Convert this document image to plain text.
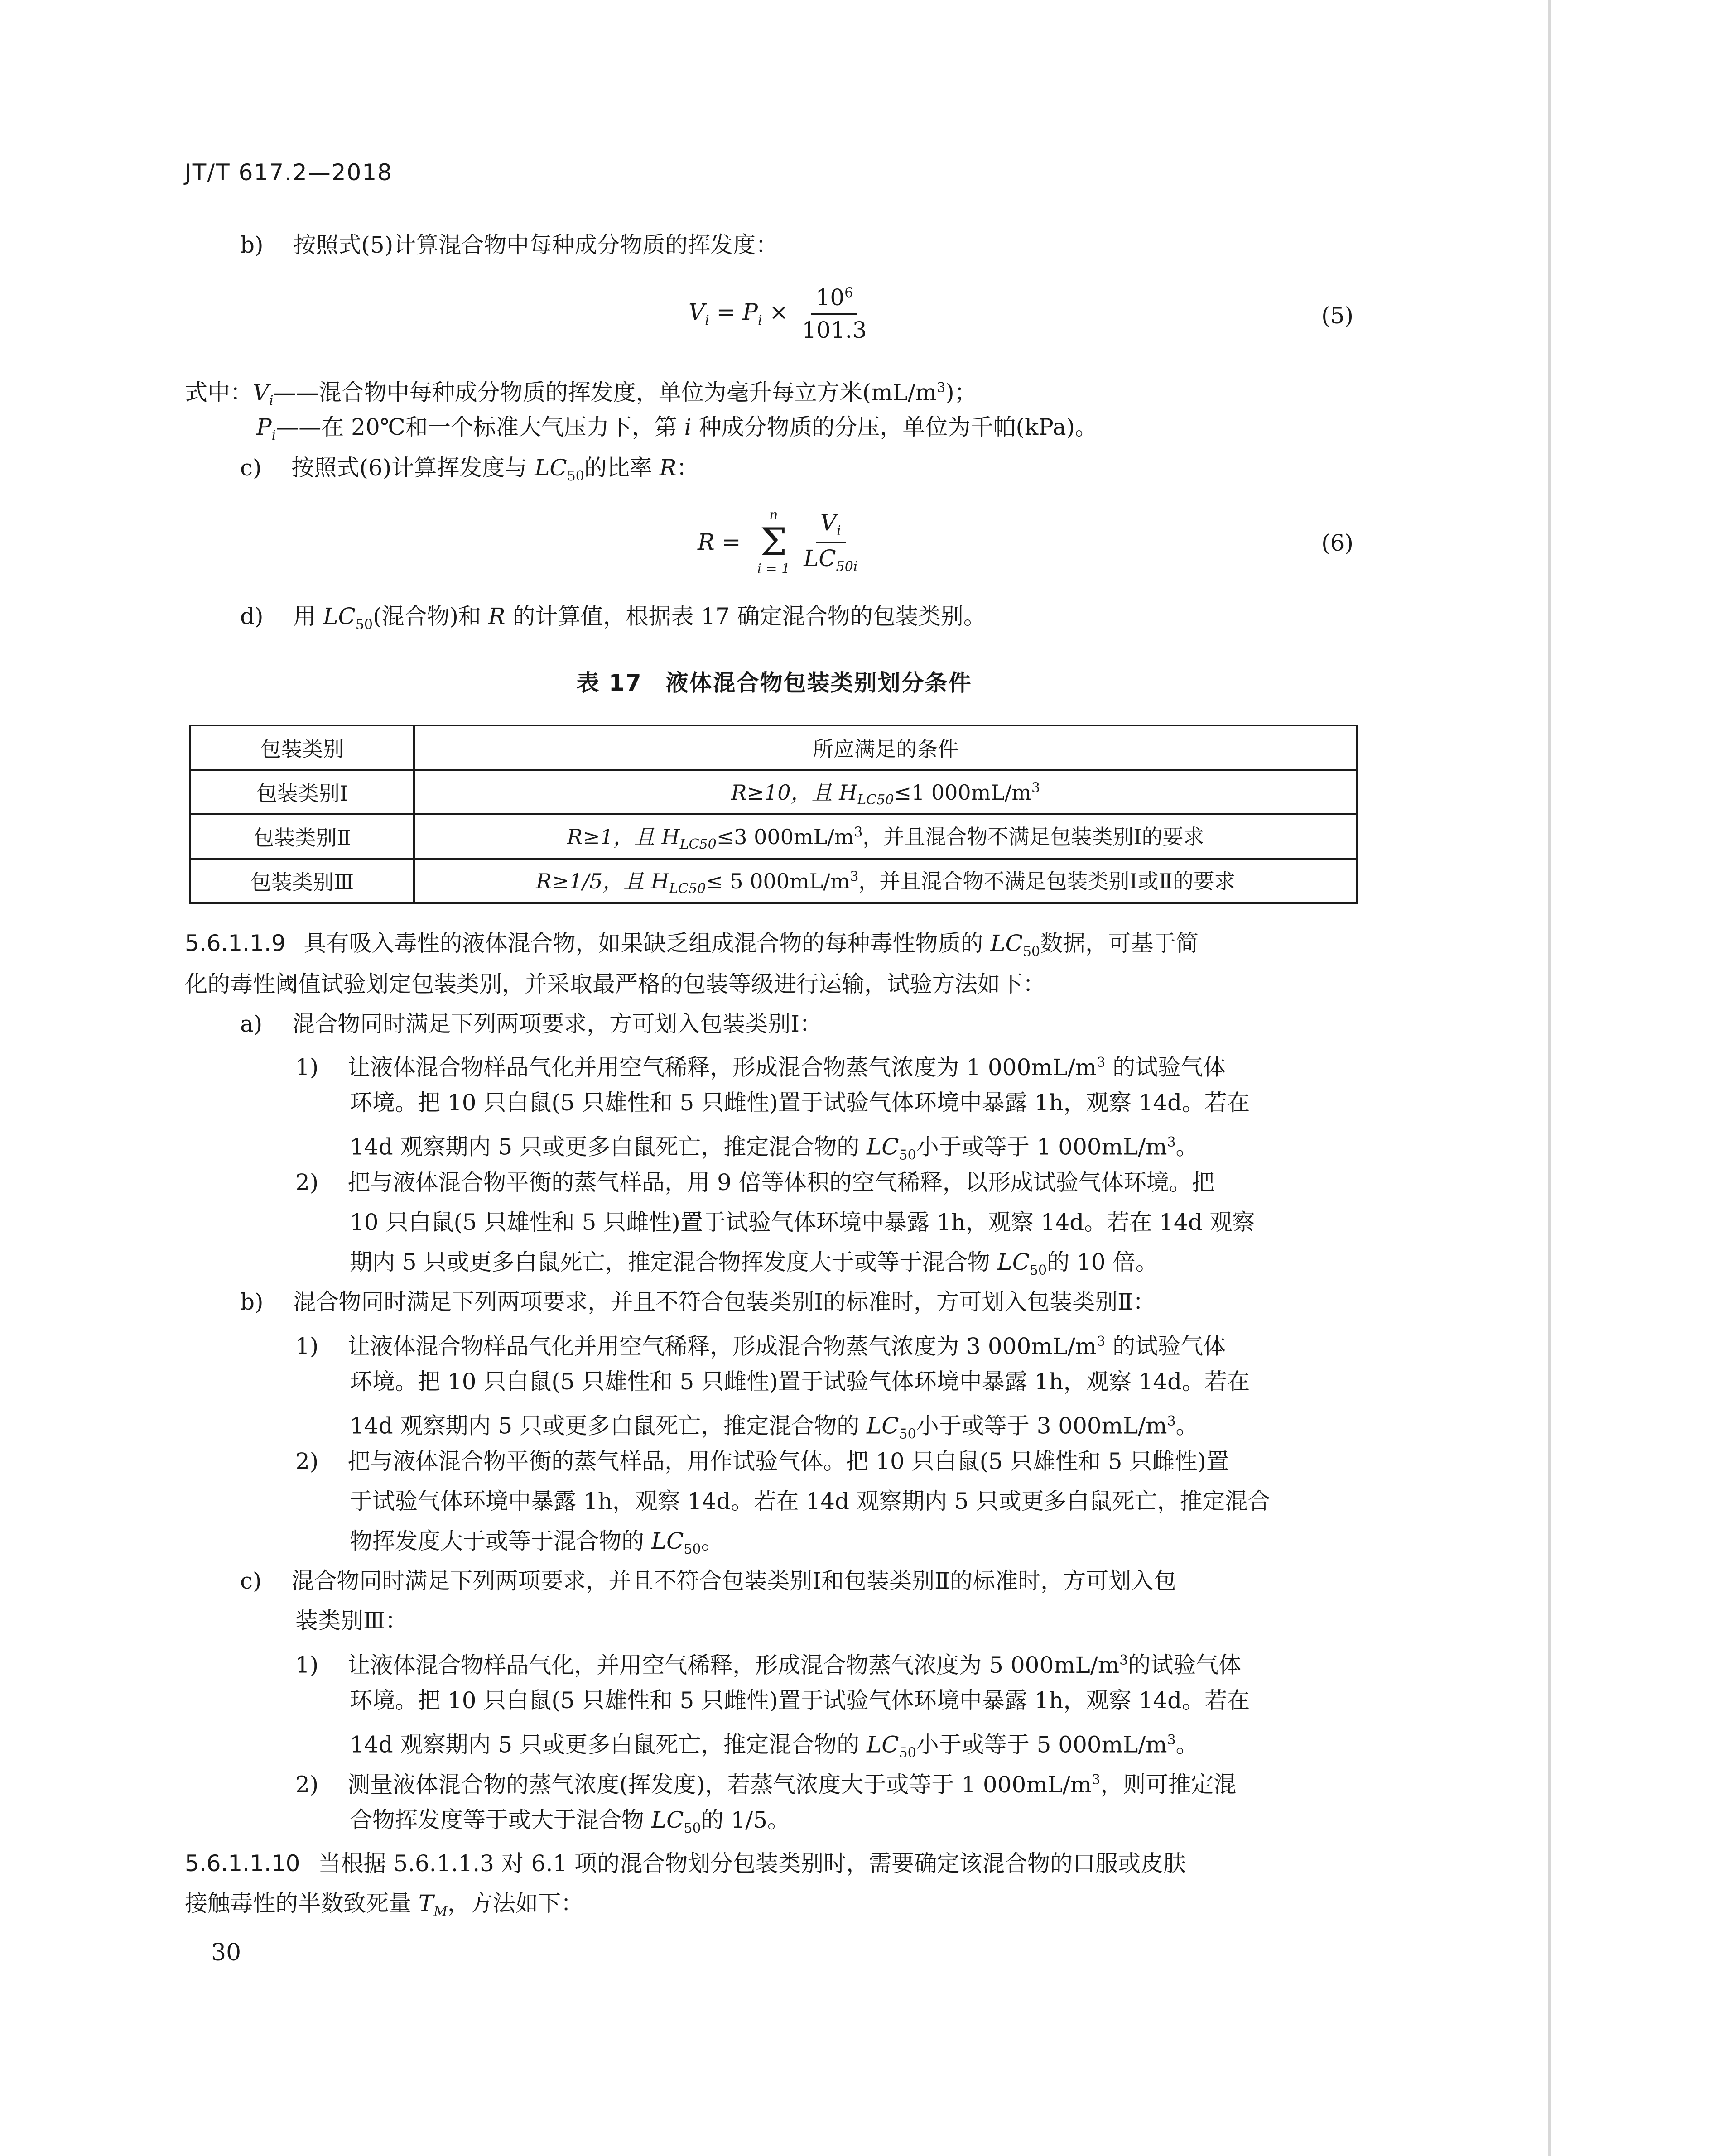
JT/T 617.2—2018
b) 按照式(5)计算混合物中每种成分物质的挥发度：
$V_i = P_i \times \frac{10^6}{101.3}$	(5)
式中：$V_i——$混合物中每种成分物质的挥发度，单位为毫升每立方米$(mL/m^3)$；
$P_i——$在 20℃和一个标准大气压力下，第 i 种成分物质的分压，单位为千帕(kPa)。
c) 按照式(6)计算挥发度与 $LC_{50}$的比率 R：
R =
n
Σ
i = 1
$\frac{V_i}{LC_{50i}}$	(6)
d) 用 $LC_{50}$(混合物)和 R 的计算值，根据表 17 确定混合物的包装类别。
表 17　液体混合物包装类别划分条件
包装类别	所应满足的条件
包装类别Ⅰ	R≥10，且 $H_{LC50}\le 1$ $000mL/m^3$
包装类别Ⅱ	R≥1，且 $H_{LC50}\le 3$ $000mL/m^3$，并且混合物不满足包装类别Ⅰ的要求
包装类别Ⅲ	R≥1/5，且 $H_{LC50}\le 5$ $000mL/m^3$，并且混合物不满足包装类别Ⅰ或Ⅱ的要求
5.6.1.1.9 具有吸入毒性的液体混合物，如果缺乏组成混合物的每种毒性物质的 $LC_{50}$数据，可基于简
化的毒性阈值试验划定包装类别，并采取最严格的包装等级进行运输，试验方法如下：
a) 混合物同时满足下列两项要求，方可划入包装类别Ⅰ：
1) 让液体混合物样品气化并用空气稀释，形成混合物蒸气浓度为 1 $000mL/m^3$ 的试验气体
环境。把 10 只白鼠(5 只雄性和 5 只雌性)置于试验气体环境中暴露 1h，观察 14d。若在
14d 观察期内 5 只或更多白鼠死亡，推定混合物的 $LC_{50}$小于或等于 1 $000mL/m^3$。
2) 把与液体混合物平衡的蒸气样品，用 9 倍等体积的空气稀释，以形成试验气体环境。把
10 只白鼠(5 只雄性和 5 只雌性)置于试验气体环境中暴露 1h，观察 14d。若在 14d 观察
期内 5 只或更多白鼠死亡，推定混合物挥发度大于或等于混合物 $LC_{50}$的 10 倍。
b) 混合物同时满足下列两项要求，并且不符合包装类别Ⅰ的标准时，方可划入包装类别Ⅱ：
1) 让液体混合物样品气化并用空气稀释，形成混合物蒸气浓度为 3 $000mL/m^3$ 的试验气体
环境。把 10 只白鼠(5 只雄性和 5 只雌性)置于试验气体环境中暴露 1h，观察 14d。若在
14d 观察期内 5 只或更多白鼠死亡，推定混合物的 $LC_{50}$小于或等于 3 $000mL/m^3$。
2) 把与液体混合物平衡的蒸气样品，用作试验气体。把 10 只白鼠(5 只雄性和 5 只雌性)置
于试验气体环境中暴露 1h，观察 14d。若在 14d 观察期内 5 只或更多白鼠死亡，推定混合
物挥发度大于或等于混合物的 $LC_{50}$。
c) 混合物同时满足下列两项要求，并且不符合包装类别Ⅰ和包装类别Ⅱ的标准时，方可划入包
装类别Ⅲ：
1) 让液体混合物样品气化，并用空气稀释，形成混合物蒸气浓度为 5 $000mL/m^3$的试验气体
环境。把 10 只白鼠(5 只雄性和 5 只雌性)置于试验气体环境中暴露 1h，观察 14d。若在
14d 观察期内 5 只或更多白鼠死亡，推定混合物的 $LC_{50}$小于或等于 5 $000mL/m^3$。
2) 测量液体混合物的蒸气浓度(挥发度)，若蒸气浓度大于或等于 1 $000mL/m^3$，则可推定混
合物挥发度等于或大于混合物 $LC_{50}$的 1/5。
5.6.1.1.10 当根据 5.6.1.1.3 对 6.1 项的混合物划分包装类别时，需要确定该混合物的口服或皮肤
接触毒性的半数致死量 $T_M$，方法如下：
30
